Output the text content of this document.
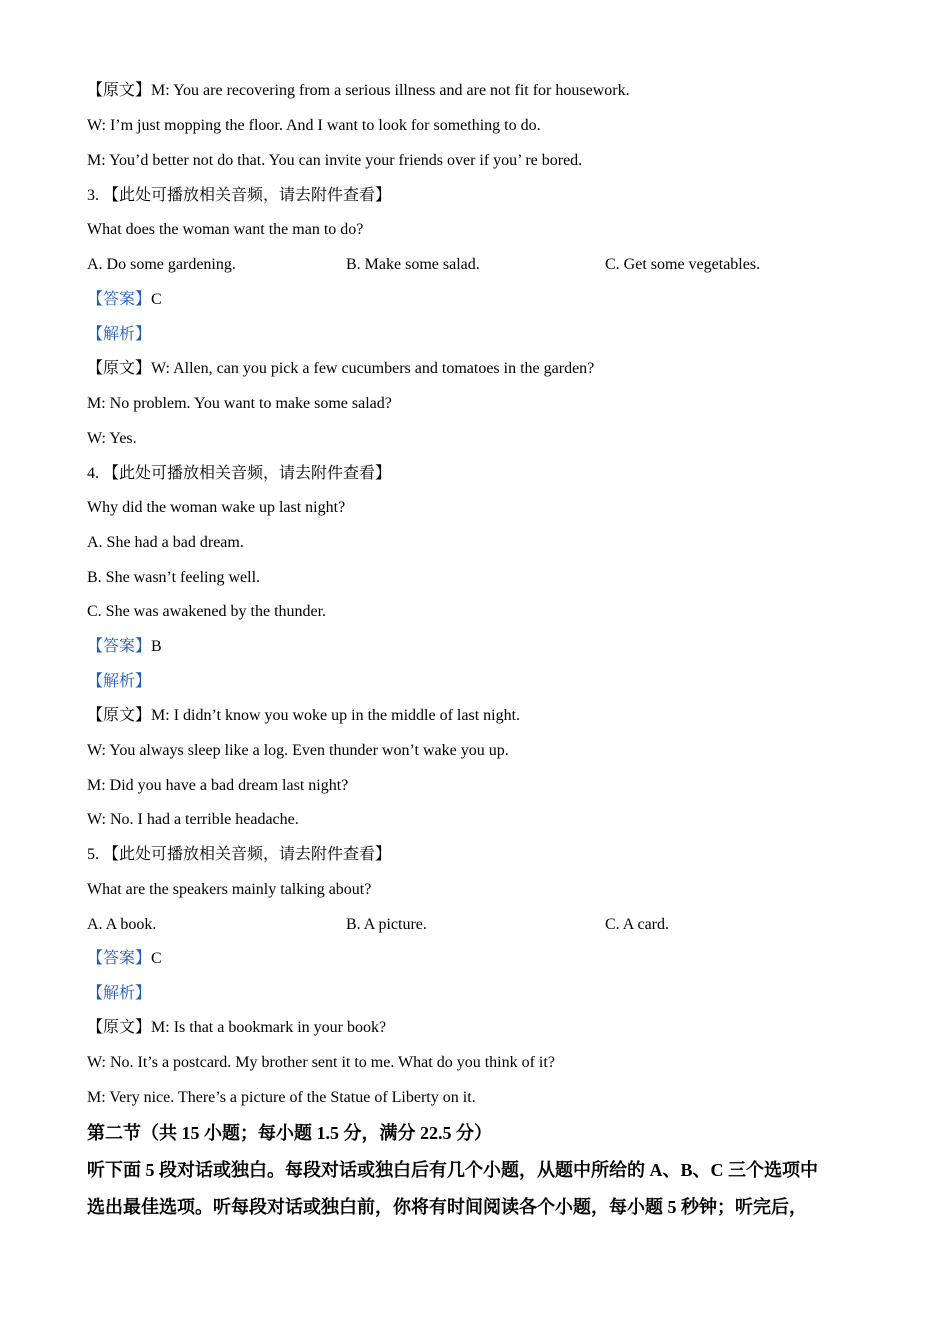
【原文】M: You are recovering from a serious illness and are not fit for housework.
W: I’m just mopping the floor. And I want to look for something to do.
M: You’d better not do that. You can invite your friends over if you’ re bored.
3. 【此处可播放相关音频，请去附件查看】
What does the woman want the man to do?
A. Do some gardening.	B. Make some salad.	C. Get some vegetables.
【答案】C
【解析】
【原文】W: Allen, can you pick a few cucumbers and tomatoes in the garden?
M: No problem. You want to make some salad?
W: Yes.
4. 【此处可播放相关音频，请去附件查看】
Why did the woman wake up last night?
A. She had a bad dream.
B. She wasn’t feeling well.
C. She was awakened by the thunder.
【答案】B
【解析】
【原文】M: I didn’t know you woke up in the middle of last night.
W: You always sleep like a log. Even thunder won’t wake you up.
M: Did you have a bad dream last night?
W: No. I had a terrible headache.
5. 【此处可播放相关音频，请去附件查看】
What are the speakers mainly talking about?
A. A book.	B. A picture.	C. A card.
【答案】C
【解析】
【原文】M: Is that a bookmark in your book?
W: No. It’s a postcard. My brother sent it to me. What do you think of it?
M: Very nice. There’s a picture of the Statue of Liberty on it.
第二节（共 15 小题；每小题 1.5 分，满分 22.5 分）
听下面 5 段对话或独白。每段对话或独白后有几个小题，从题中所给的 A、B、C 三个选项中
选出最佳选项。听每段对话或独白前，你将有时间阅读各个小题，每小题 5 秒钟；听完后，
